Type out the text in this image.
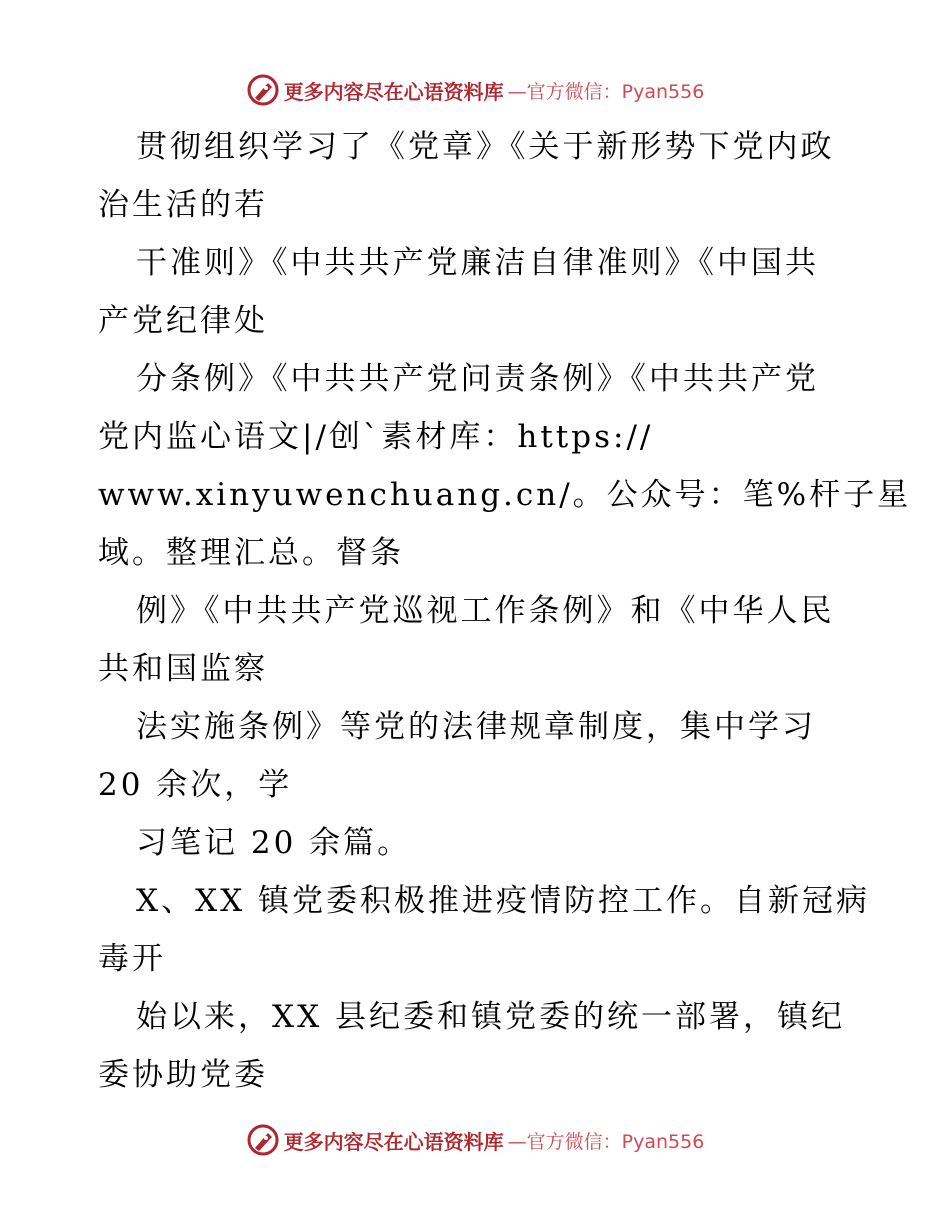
更多内容尽在心语资料库 —官方微信：Pyan556
贯彻组织学习了《党章》《关于新形势下党内政
治生活的若
干准则》《中共共产党廉洁自律准则》《中国共
产党纪律处
分条例》《中共共产党问责条例》《中共共产党
党内监心语文|/创`素材库：https://
www.xinyuwenchuang.cn/。公众号：笔%杆子星
域。整理汇总。督条
例》《中共共产党巡视工作条例》和《中华人民
共和国监察
法实施条例》等党的法律规章制度，集中学习
20 余次，学
习笔记 20 余篇。
X、XX 镇党委积极推进疫情防控工作。自新冠病
毒开
始以来，XX 县纪委和镇党委的统一部署，镇纪
委协助党委
更多内容尽在心语资料库 —官方微信：Pyan556
